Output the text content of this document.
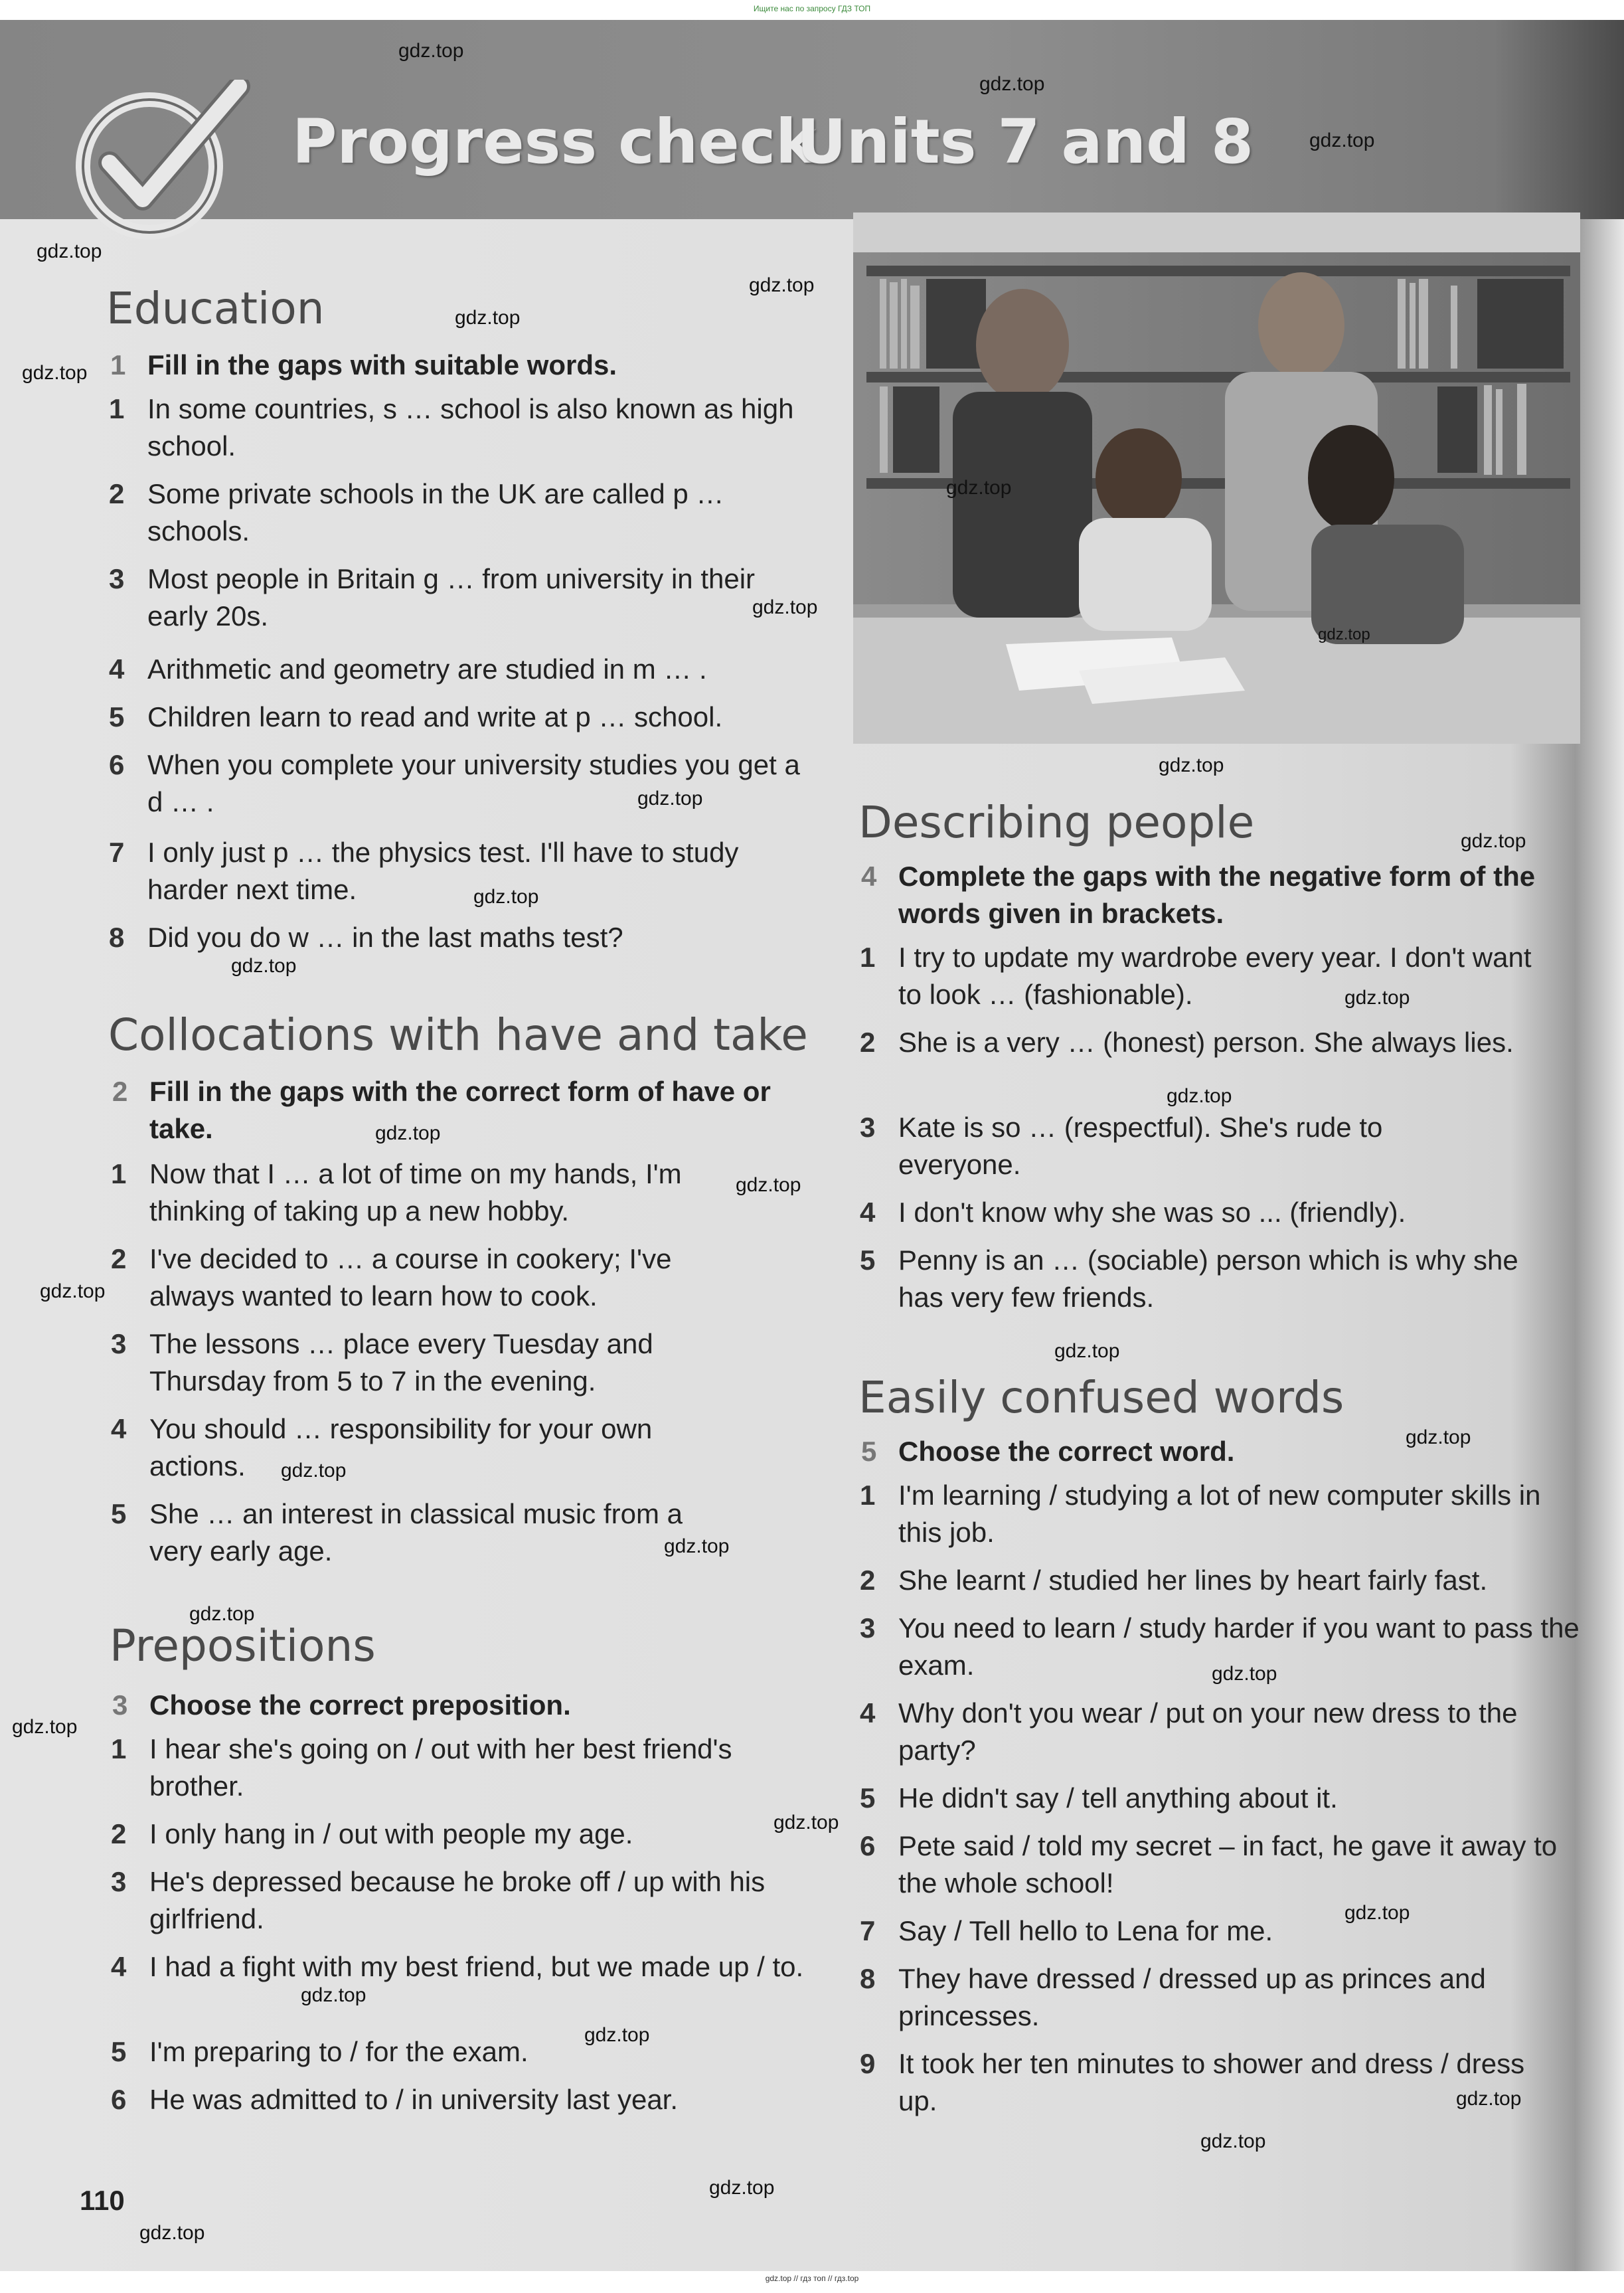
Ищите нас по запросу ГДЗ ТОП
Progress check
Units 7 and 8
Education
1 Fill in the gaps with suitable words.
1 In some countries, s … school is also known as high school.
2 Some private schools in the UK are called p … schools.
3 Most people in Britain g … from university in their early 20s.
4 Arithmetic and geometry are studied in m … .
5 Children learn to read and write at p … school.
6 When you complete your university studies you get a d … .
7 I only just p … the physics test. I'll have to study harder next time.
8 Did you do w … in the last maths test?
Collocations with have and take
2 Fill in the gaps with the correct form of have or take.
1 Now that I … a lot of time on my hands, I'm thinking of taking up a new hobby.
2 I've decided to … a course in cookery; I've always wanted to learn how to cook.
3 The lessons … place every Tuesday and Thursday from 5 to 7 in the evening.
4 You should … responsibility for your own actions.
5 She … an interest in classical music from a very early age.
Prepositions
3 Choose the correct preposition.
1 I hear she's going on / out with her best friend's brother.
2 I only hang in / out with people my age.
3 He's depressed because he broke off / up with his girlfriend.
4 I had a fight with my best friend, but we made up / to.
5 I'm preparing to / for the exam.
6 He was admitted to / in university last year.
Describing people
4 Complete the gaps with the negative form of the words given in brackets.
1 I try to update my wardrobe every year. I don't want to look … (fashionable).
2 She is a very … (honest) person. She always lies.
3 Kate is so … (respectful). She's rude to everyone.
4 I don't know why she was so ... (friendly).
5 Penny is an … (sociable) person which is why she has very few friends.
Easily confused words
5 Choose the correct word.
1 I'm learning / studying a lot of new computer skills in this job.
2 She learnt / studied her lines by heart fairly fast.
3 You need to learn / study harder if you want to pass the exam.
4 Why don't you wear / put on your new dress to the party?
5 He didn't say / tell anything about it.
6 Pete said / told my secret – in fact, he gave it away to the whole school!
7 Say / Tell hello to Lena for me.
8 They have dressed / dressed up as princes and princesses.
9 It took her ten minutes to shower and dress / dress up.
110
gdz.top
gdz.top
gdz.top
gdz.top
gdz.top
gdz.top
gdz.top
gdz.top
gdz.top
gdz.top
gdz.top
gdz.top
gdz.top
gdz.top
gdz.top
gdz.top
gdz.top
gdz.top
gdz.top
gdz.top
gdz.top
gdz.top
gdz.top
gdz.top
gdz.top
gdz.top
gdz.top
gdz.top
gdz.top
gdz.top
gdz.top
gdz.top
gdz.top
gdz.top
gdz.top
gdz.top // гдз топ // гдз.top
